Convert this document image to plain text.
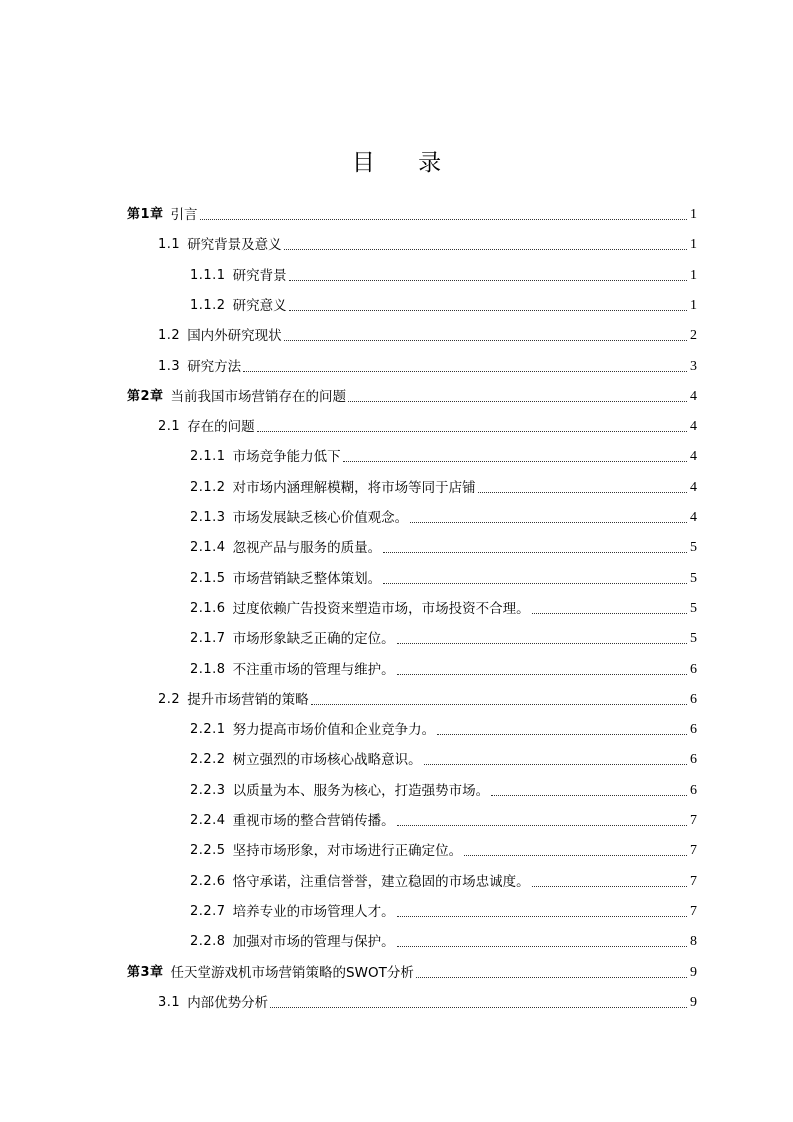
目 录
第1章 引言	1
1.1 研究背景及意义	1
1.1.1 研究背景	1
1.1.2 研究意义	1
1.2 国内外研究现状	2
1.3 研究方法	3
第2章 当前我国市场营销存在的问题	4
2.1 存在的问题	4
2.1.1 市场竞争能力低下	4
2.1.2 对市场内涵理解模糊，将市场等同于店铺	4
2.1.3 市场发展缺乏核心价值观念。	4
2.1.4 忽视产品与服务的质量。	5
2.1.5 市场营销缺乏整体策划。	5
2.1.6 过度依赖广告投资来塑造市场，市场投资不合理。	5
2.1.7 市场形象缺乏正确的定位。	5
2.1.8 不注重市场的管理与维护。	6
2.2 提升市场营销的策略	6
2.2.1 努力提高市场价值和企业竞争力。	6
2.2.2 树立强烈的市场核心战略意识。	6
2.2.3 以质量为本、服务为核心，打造强势市场。	6
2.2.4 重视市场的整合营销传播。	7
2.2.5 坚持市场形象，对市场进行正确定位。	7
2.2.6 恪守承诺，注重信誉誉，建立稳固的市场忠诚度。	7
2.2.7 培养专业的市场管理人才。	7
2.2.8 加强对市场的管理与保护。	8
第3章 任天堂游戏机市场营销策略的SWOT分析	9
3.1 内部优势分析	9
